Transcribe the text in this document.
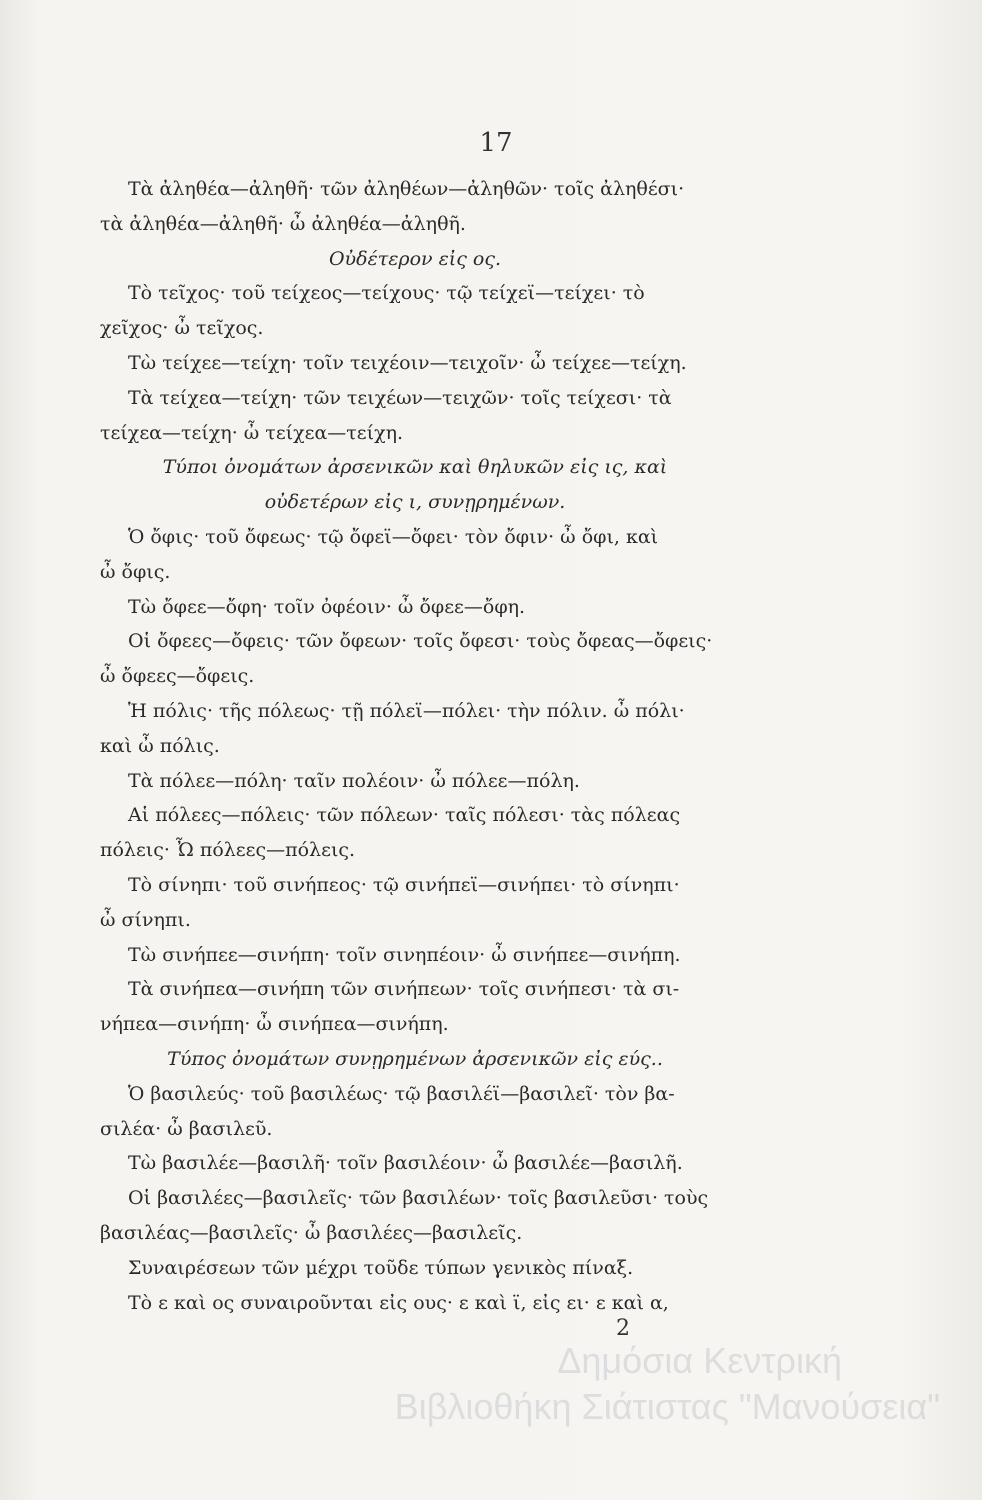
17
Τὰ ἀληθέα—ἀληθῆ· τῶν ἀληθέων—ἀληθῶν· τοῖς ἀληθέσι·
τὰ ἀληθέα—ἀληθῆ· ὦ ἀληθέα—ἀληθῆ.
Οὐδέτερον εἰς ος.
Τὸ τεῖχος· τοῦ τείχεος—τείχους· τῷ τείχεϊ—τείχει· τὸ
χεῖχος· ὦ τεῖχος.
Τὼ τείχεε—τείχη· τοῖν τειχέοιν—τειχοῖν· ὦ τείχεε—τείχη.
Τὰ τείχεα—τείχη· τῶν τειχέων—τειχῶν· τοῖς τείχεσι· τὰ
τείχεα—τείχη· ὦ τείχεα—τείχη.
Τύποι ὀνομάτων ἀρσενικῶν καὶ θηλυκῶν εἰς ις, καὶ
οὐδετέρων εἰς ι, συνῃρημένων.
Ὁ ὄφις· τοῦ ὄφεως· τῷ ὄφεϊ—ὄφει· τὸν ὄφιν· ὦ ὄφι, καὶ
ὦ ὄφις.
Τὼ ὄφεε—ὄφη· τοῖν ὀφέοιν· ὦ ὄφεε—ὄφη.
Οἱ ὄφεες—ὄφεις· τῶν ὄφεων· τοῖς ὄφεσι· τοὺς ὄφεας—ὄφεις·
ὦ ὄφεες—ὄφεις.
Ἡ πόλις· τῆς πόλεως· τῇ πόλεϊ—πόλει· τὴν πόλιν. ὦ πόλι·
καὶ ὦ πόλις.
Τὰ πόλεε—πόλη· ταῖν πολέοιν· ὦ πόλεε—πόλη.
Αἱ πόλεες—πόλεις· τῶν πόλεων· ταῖς πόλεσι· τὰς πόλεας
πόλεις· Ὦ πόλεες—πόλεις.
Τὸ σίνηπι· τοῦ σινήπεος· τῷ σινήπεϊ—σινήπει· τὸ σίνηπι·
ὦ σίνηπι.
Τὼ σινήπεε—σινήπη· τοῖν σινηπέοιν· ὦ σινήπεε—σινήπη.
Τὰ σινήπεα—σινήπη τῶν σινήπεων· τοῖς σινήπεσι· τὰ σι-
νήπεα—σινήπη· ὦ σινήπεα—σινήπη.
Τύπος ὀνομάτων συνῃρημένων ἀρσενικῶν εἰς εύς..
Ὁ βασιλεύς· τοῦ βασιλέως· τῷ βασιλέϊ—βασιλεῖ· τὸν βα-
σιλέα· ὦ βασιλεῦ.
Τὼ βασιλέε—βασιλῆ· τοῖν βασιλέοιν· ὦ βασιλέε—βασιλῆ.
Οἱ βασιλέες—βασιλεῖς· τῶν βασιλέων· τοῖς βασιλεῦσι· τοὺς
βασιλέας—βασιλεῖς· ὦ βασιλέες—βασιλεῖς.
Συναιρέσεων τῶν μέχρι τοῦδε τύπων γενικὸς πίναξ.
Τὸ ε καὶ ος συναιροῦνται εἰς ους· ε καὶ ϊ, εἰς ει· ε καὶ α,
2
Δημόσια Κεντρική
Βιβλιοθήκη Σιάτιστας "Μανούσεια"
